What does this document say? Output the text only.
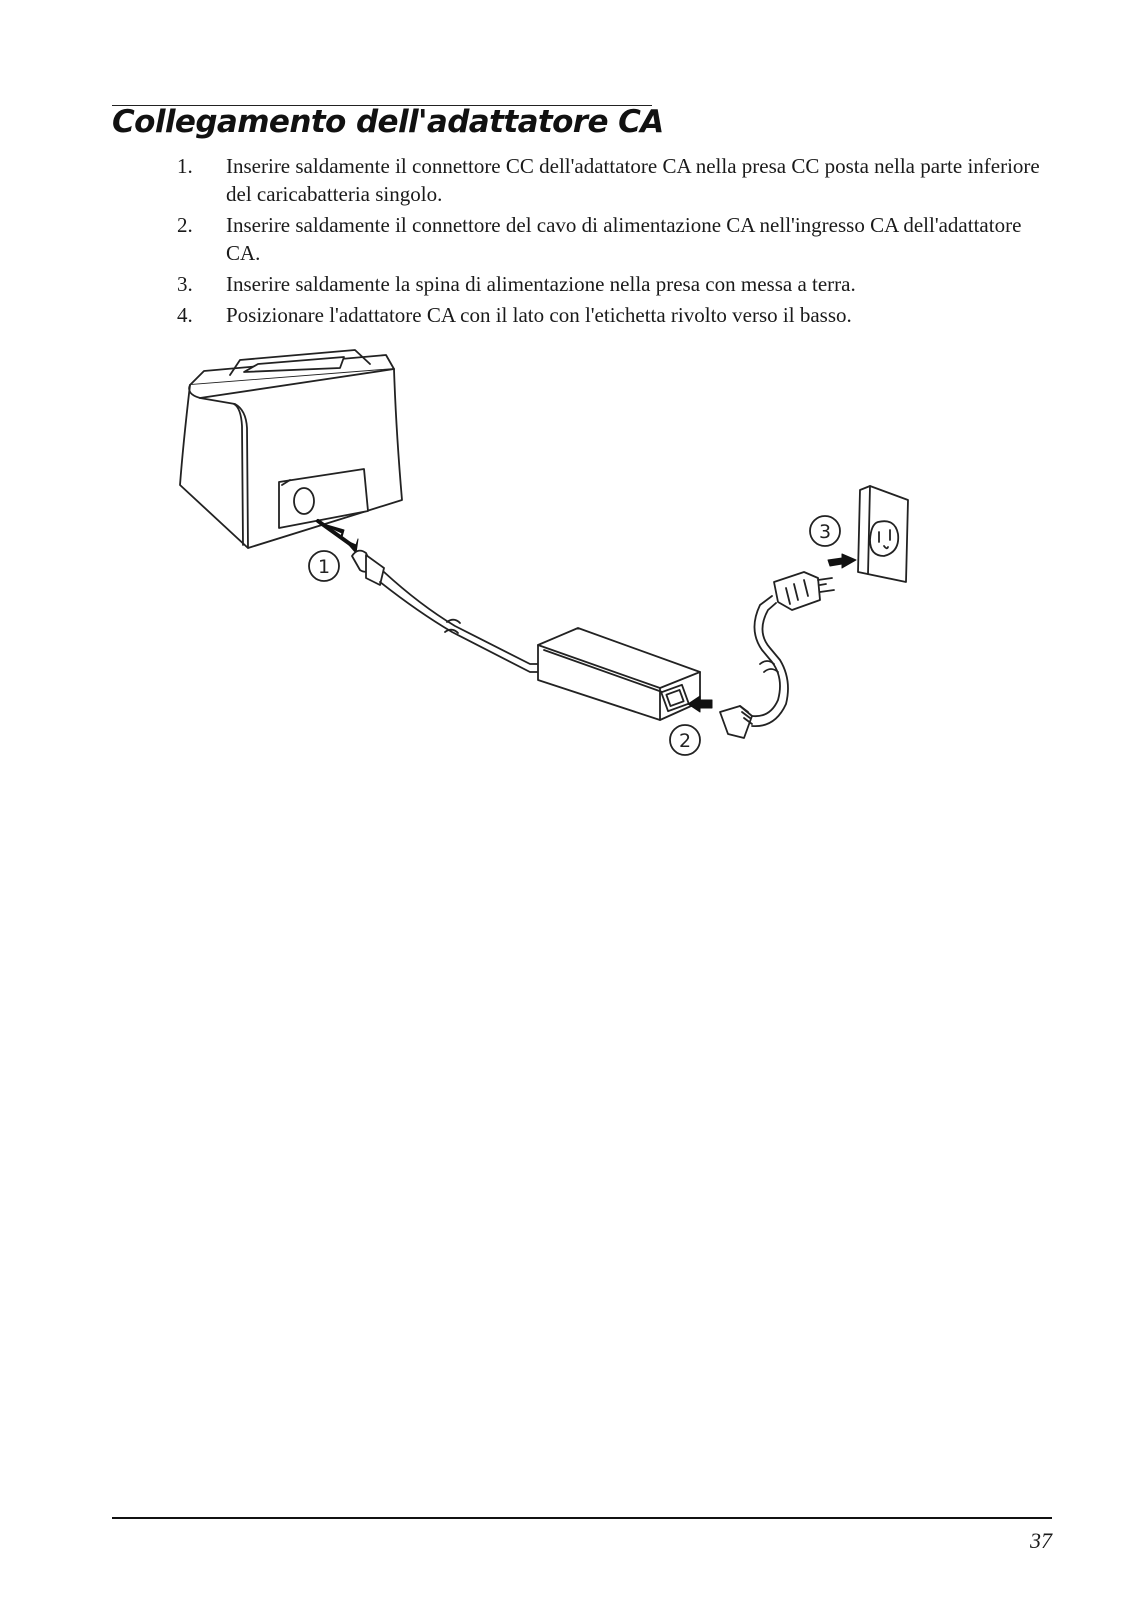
Collegamento dell'adattatore CA
1. Inserire saldamente il connettore CC dell'adattatore CA nella presa CC posta nella parte inferiore del caricabatteria singolo.
2. Inserire saldamente il connettore del cavo di alimentazione CA nell'ingresso CA dell'adattatore CA.
3. Inserire saldamente la spina di alimentazione nella presa con messa a terra.
4. Posizionare l'adattatore CA con il lato con l'etichetta rivolto verso il basso.
1
2
3
37
